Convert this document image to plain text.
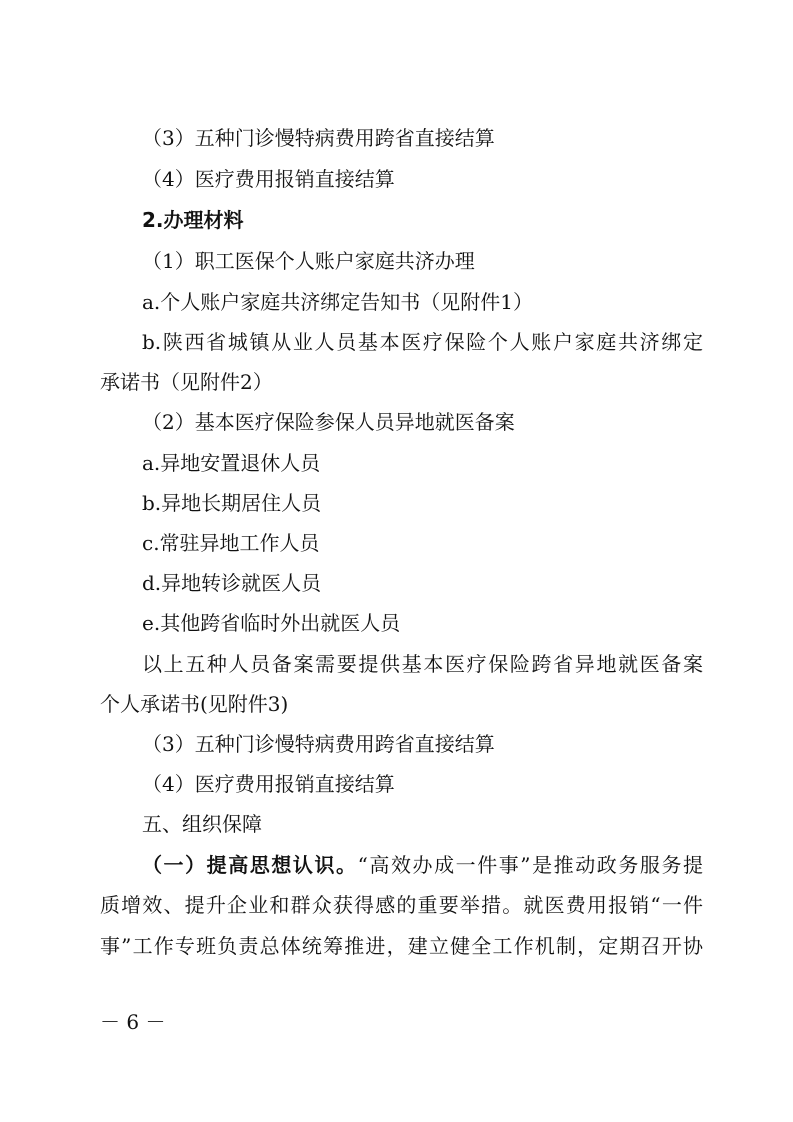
（3）五种门诊慢特病费用跨省直接结算
（4）医疗费用报销直接结算
2.办理材料
（1）职工医保个人账户家庭共济办理
a.个人账户家庭共济绑定告知书（见附件1）
b.陕西省城镇从业人员基本医疗保险个人账户家庭共济绑定
承诺书（见附件2）
（2）基本医疗保险参保人员异地就医备案
a.异地安置退休人员
b.异地长期居住人员
c.常驻异地工作人员
d.异地转诊就医人员
e.其他跨省临时外出就医人员
以上五种人员备案需要提供基本医疗保险跨省异地就医备案
个人承诺书(见附件3)
（3）五种门诊慢特病费用跨省直接结算
（4）医疗费用报销直接结算
五、组织保障
（一）提高思想认识。“高效办成一件事”是推动政务服务提
质增效、提升企业和群众获得感的重要举措。就医费用报销“一件
事”工作专班负责总体统筹推进，建立健全工作机制，定期召开协
－ 6 －
